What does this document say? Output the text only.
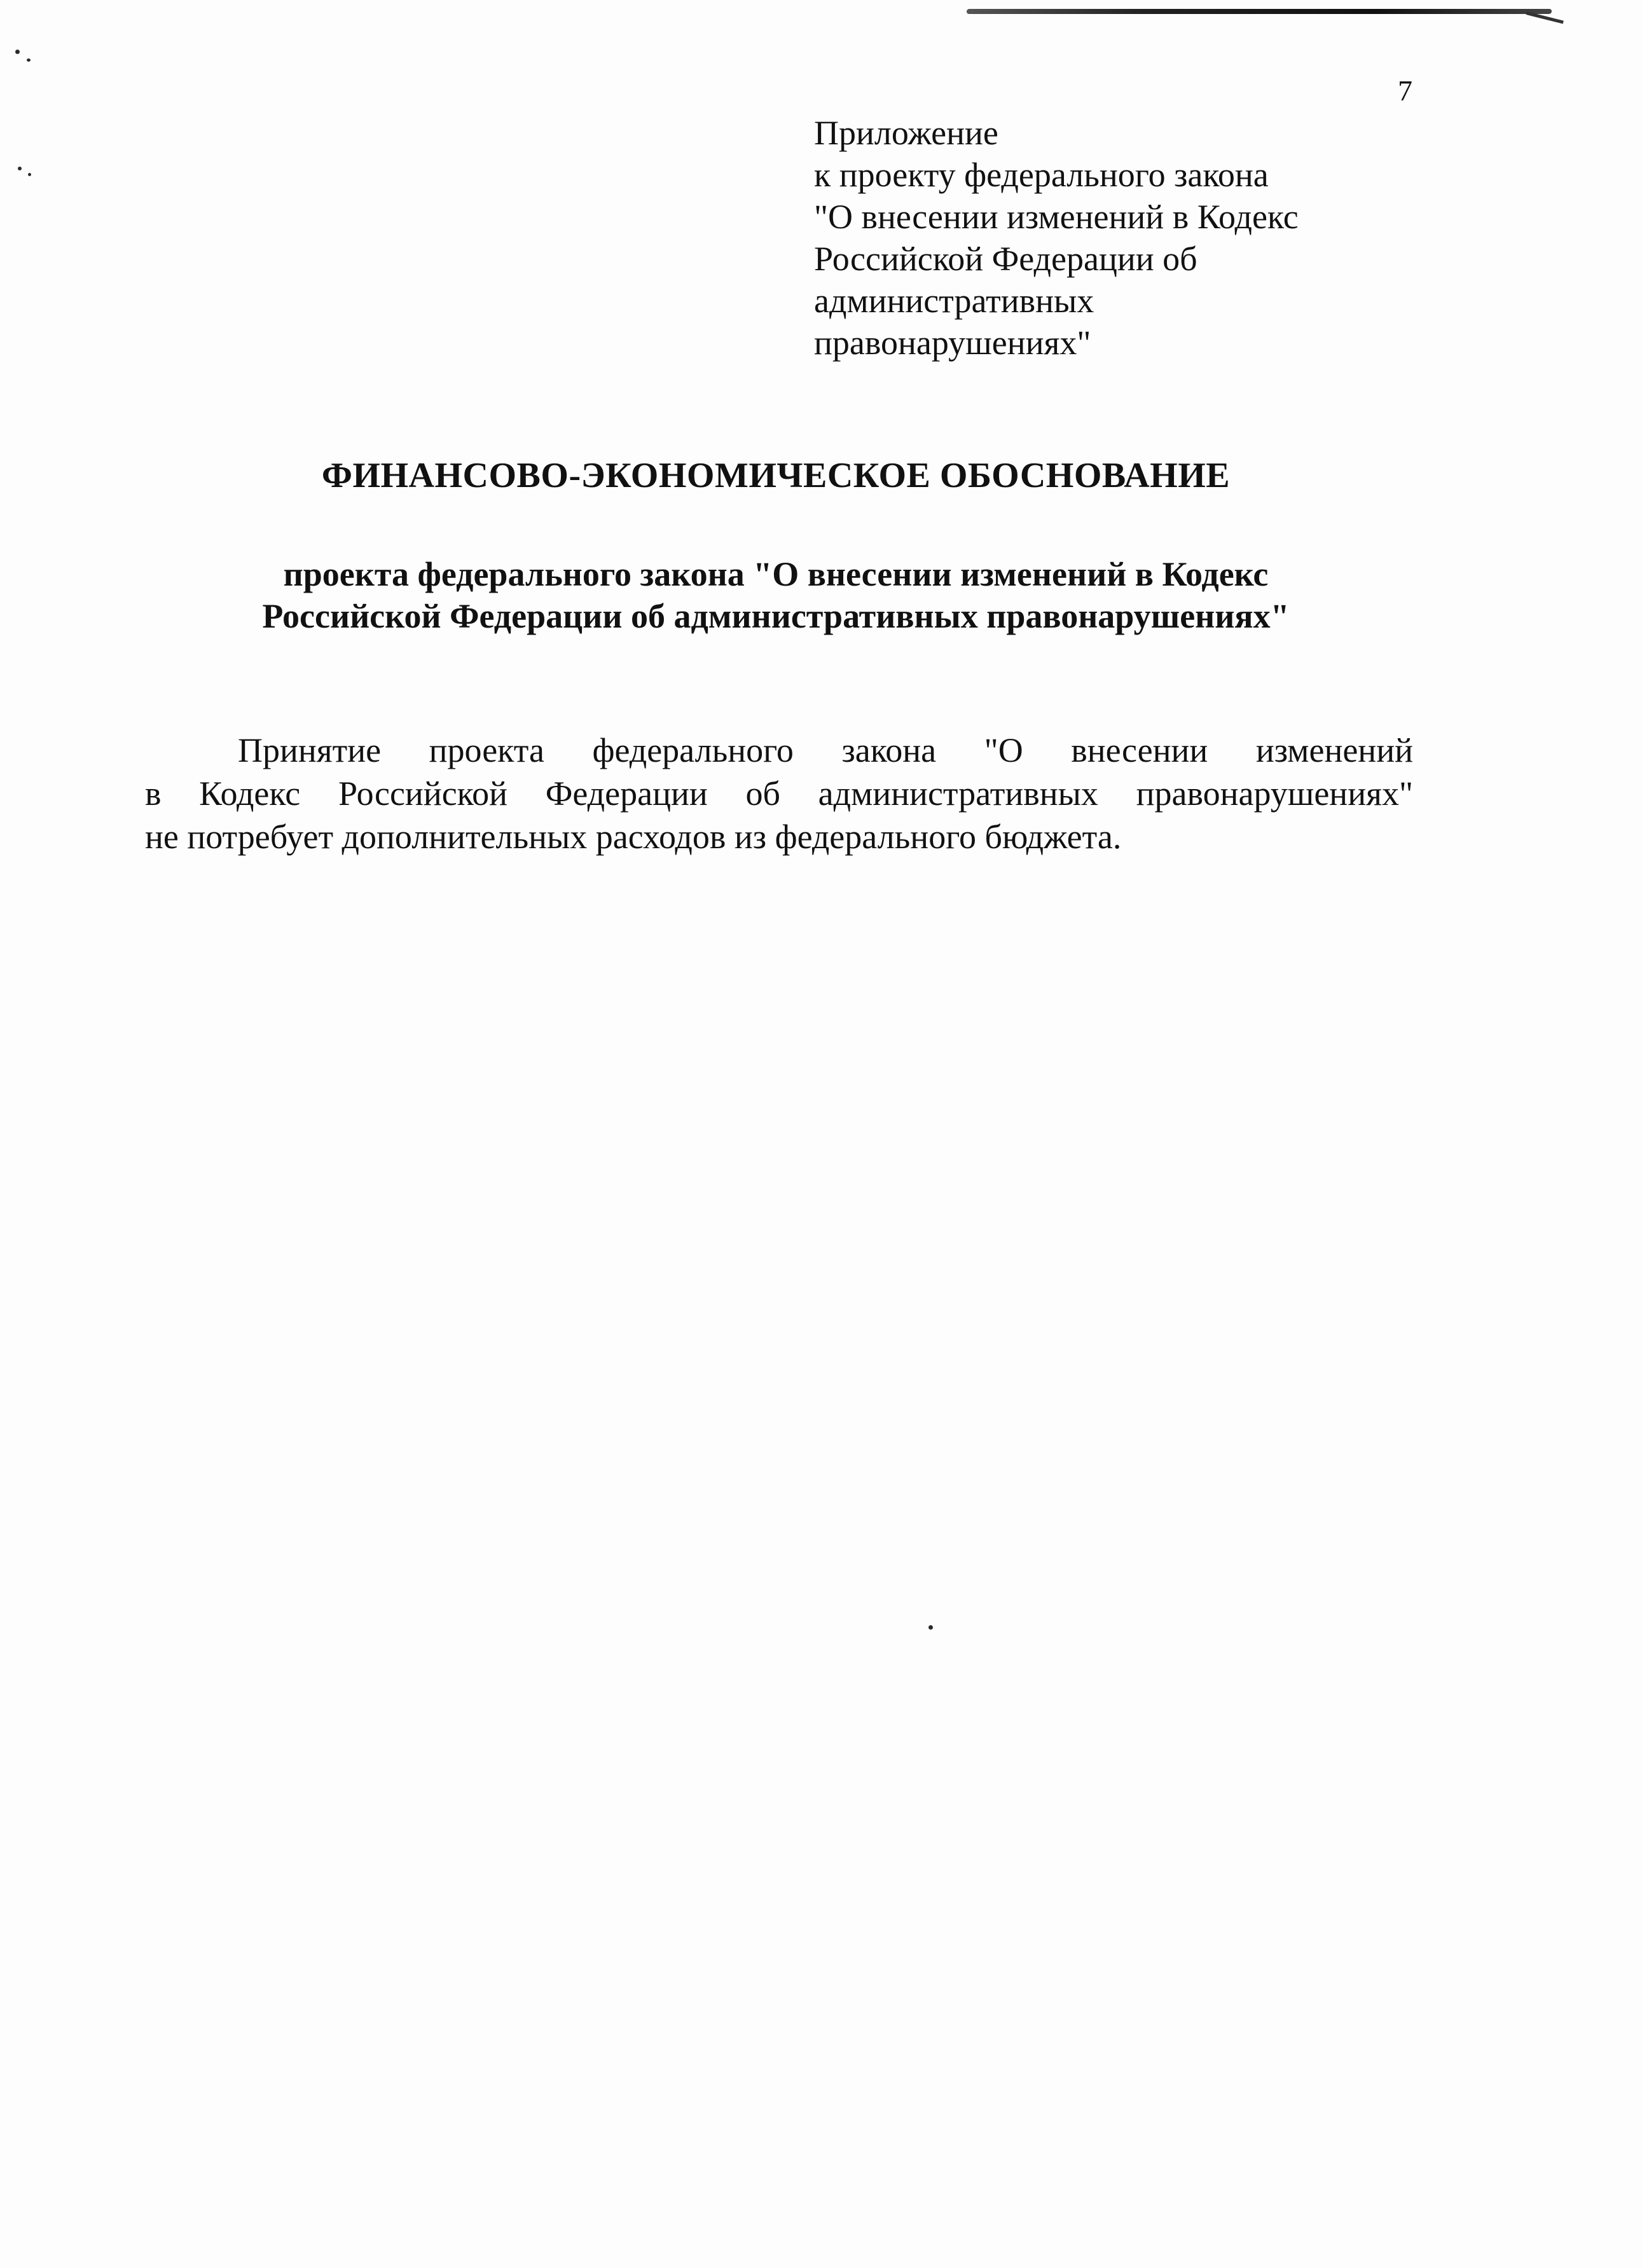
7
Приложение
к проекту федерального закона
"О внесении изменений в Кодекс
Российской Федерации об
административных
правонарушениях"
ФИНАНСОВО-ЭКОНОМИЧЕСКОЕ ОБОСНОВАНИЕ
проекта федерального закона "О внесении изменений в Кодекс
Российской Федерации об административных правонарушениях"
Принятие проекта федерального закона "О внесении изменений
в Кодекс Российской Федерации об административных правонарушениях"
не потребует дополнительных расходов из федерального бюджета.
